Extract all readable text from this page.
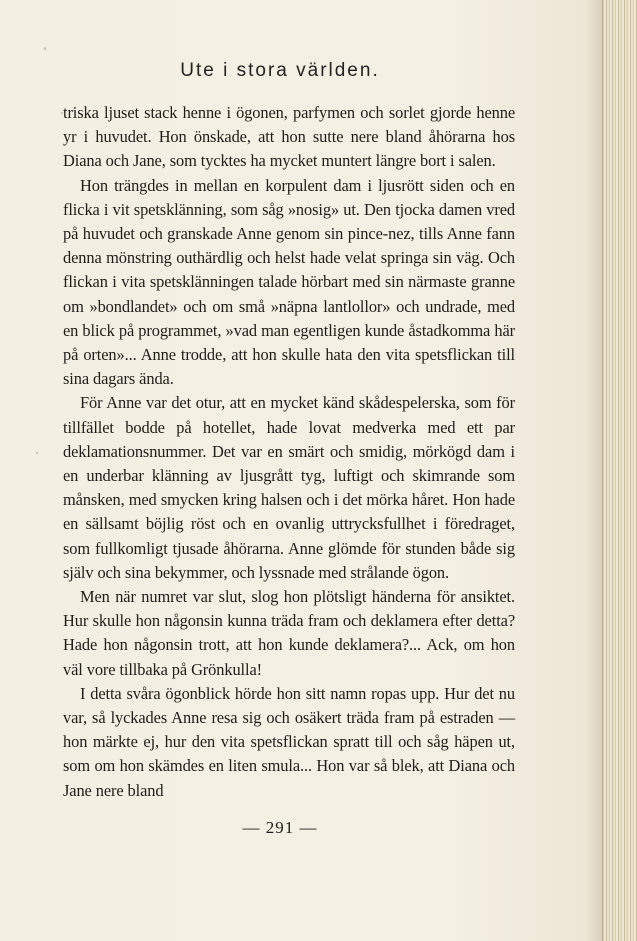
Ute i stora världen.

triska ljuset stack henne i ögonen, parfymen och sorlet gjorde henne yr i huvudet. Hon önskade, att hon sutte nere bland åhörarna hos Diana och Jane, som tycktes ha mycket muntert längre bort i salen.

Hon trängdes in mellan en korpulent dam i ljusrött siden och en flicka i vit spetsklänning, som såg »nosig» ut. Den tjocka damen vred på huvudet och granskade Anne genom sin pince-nez, tills Anne fann denna mönstring outhärdlig och helst hade velat springa sin väg. Och flickan i vita spetsklänningen talade hörbart med sin närmaste granne om »bondlandet» och om små »näpna lantlollor» och undrade, med en blick på programmet, »vad man egentligen kunde åstadkomma här på orten»... Anne trodde, att hon skulle hata den vita spetsflickan till sina dagars ända.

För Anne var det otur, att en mycket känd skådespelerska, som för tillfället bodde på hotellet, hade lovat medverka med ett par deklamationsnummer. Det var en smärt och smidig, mörkögd dam i en underbar klänning av ljusgrått tyg, luftigt och skimrande som månsken, med smycken kring halsen och i det mörka håret. Hon hade en sällsamt böjlig röst och en ovanlig uttrycksfullhet i föredraget, som fullkomligt tjusade åhörarna. Anne glömde för stunden både sig själv och sina bekymmer, och lyssnade med strålande ögon.

Men när numret var slut, slog hon plötsligt händerna för ansiktet. Hur skulle hon någonsin kunna träda fram och deklamera efter detta? Hade hon någonsin trott, att hon kunde deklamera?... Ack, om hon väl vore tillbaka på Grönkulla!

I detta svåra ögonblick hörde hon sitt namn ropas upp. Hur det nu var, så lyckades Anne resa sig och osäkert träda fram på estraden — hon märkte ej, hur den vita spetsflickan spratt till och såg häpen ut, som om hon skämdes en liten smula... Hon var så blek, att Diana och Jane nere bland

— 291 —
